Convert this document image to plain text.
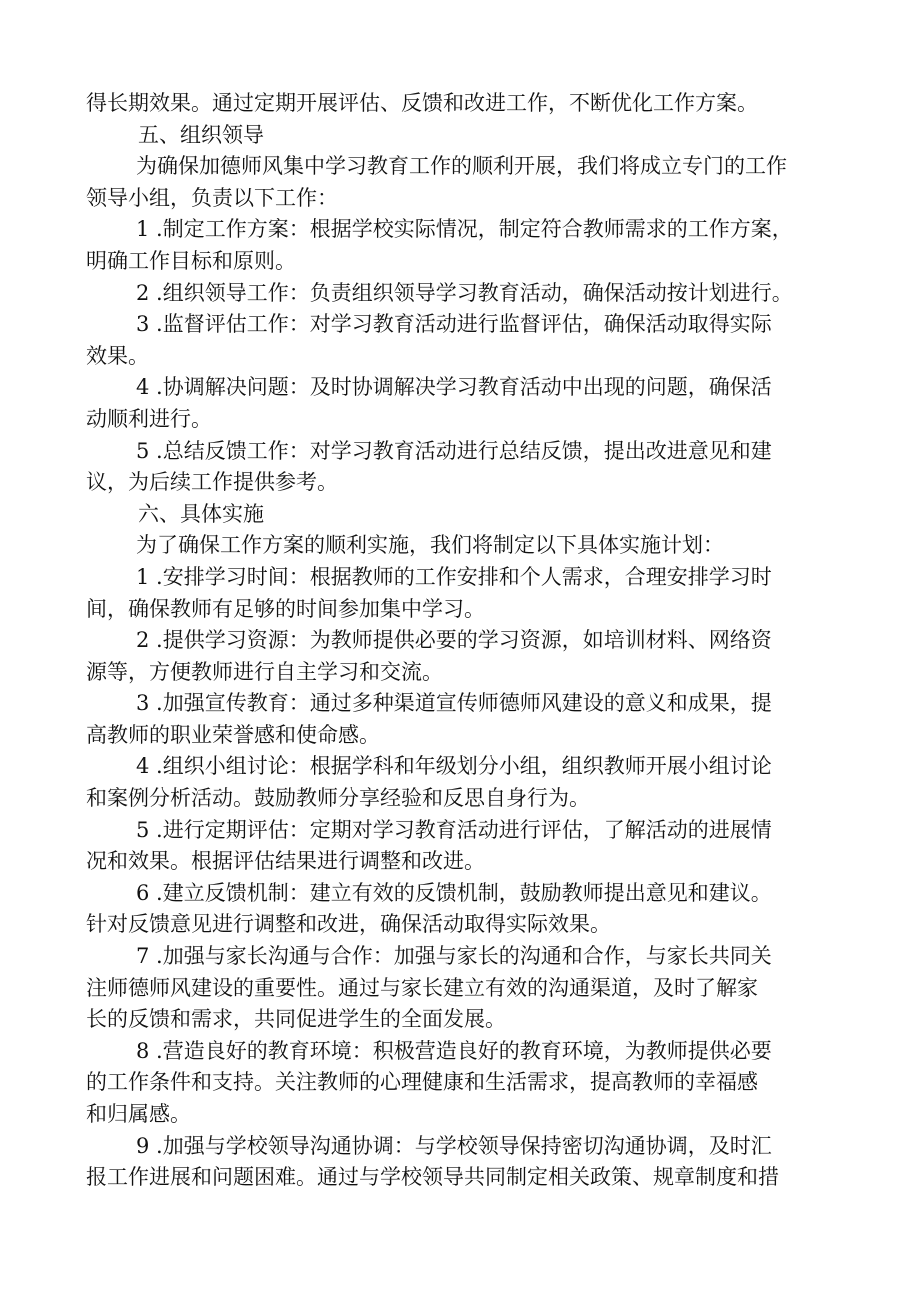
得长期效果。通过定期开展评估、反馈和改进工作，不断优化工作方案。
五、组织领导
为确保加德师风集中学习教育工作的顺利开展，我们将成立专门的工作
领导小组，负责以下工作：
1 .制定工作方案：根据学校实际情况，制定符合教师需求的工作方案，
明确工作目标和原则。
2 .组织领导工作：负责组织领导学习教育活动，确保活动按计划进行。
3 .监督评估工作：对学习教育活动进行监督评估，确保活动取得实际
效果。
4 .协调解决问题：及时协调解决学习教育活动中出现的问题，确保活
动顺利进行。
5 .总结反馈工作：对学习教育活动进行总结反馈，提出改进意见和建
议，为后续工作提供参考。
六、具体实施
为了确保工作方案的顺利实施，我们将制定以下具体实施计划：
1 .安排学习时间：根据教师的工作安排和个人需求，合理安排学习时
间，确保教师有足够的时间参加集中学习。
2 .提供学习资源：为教师提供必要的学习资源，如培训材料、网络资
源等，方便教师进行自主学习和交流。
3 .加强宣传教育：通过多种渠道宣传师德师风建设的意义和成果，提
高教师的职业荣誉感和使命感。
4 .组织小组讨论：根据学科和年级划分小组，组织教师开展小组讨论
和案例分析活动。鼓励教师分享经验和反思自身行为。
5 .进行定期评估：定期对学习教育活动进行评估，了解活动的进展情
况和效果。根据评估结果进行调整和改进。
6 .建立反馈机制：建立有效的反馈机制，鼓励教师提出意见和建议。
针对反馈意见进行调整和改进，确保活动取得实际效果。
7 .加强与家长沟通与合作：加强与家长的沟通和合作，与家长共同关
注师德师风建设的重要性。通过与家长建立有效的沟通渠道，及时了解家
长的反馈和需求，共同促进学生的全面发展。
8 .营造良好的教育环境：积极营造良好的教育环境，为教师提供必要
的工作条件和支持。关注教师的心理健康和生活需求，提高教师的幸福感
和归属感。
9 .加强与学校领导沟通协调：与学校领导保持密切沟通协调，及时汇
报工作进展和问题困难。通过与学校领导共同制定相关政策、规章制度和措
